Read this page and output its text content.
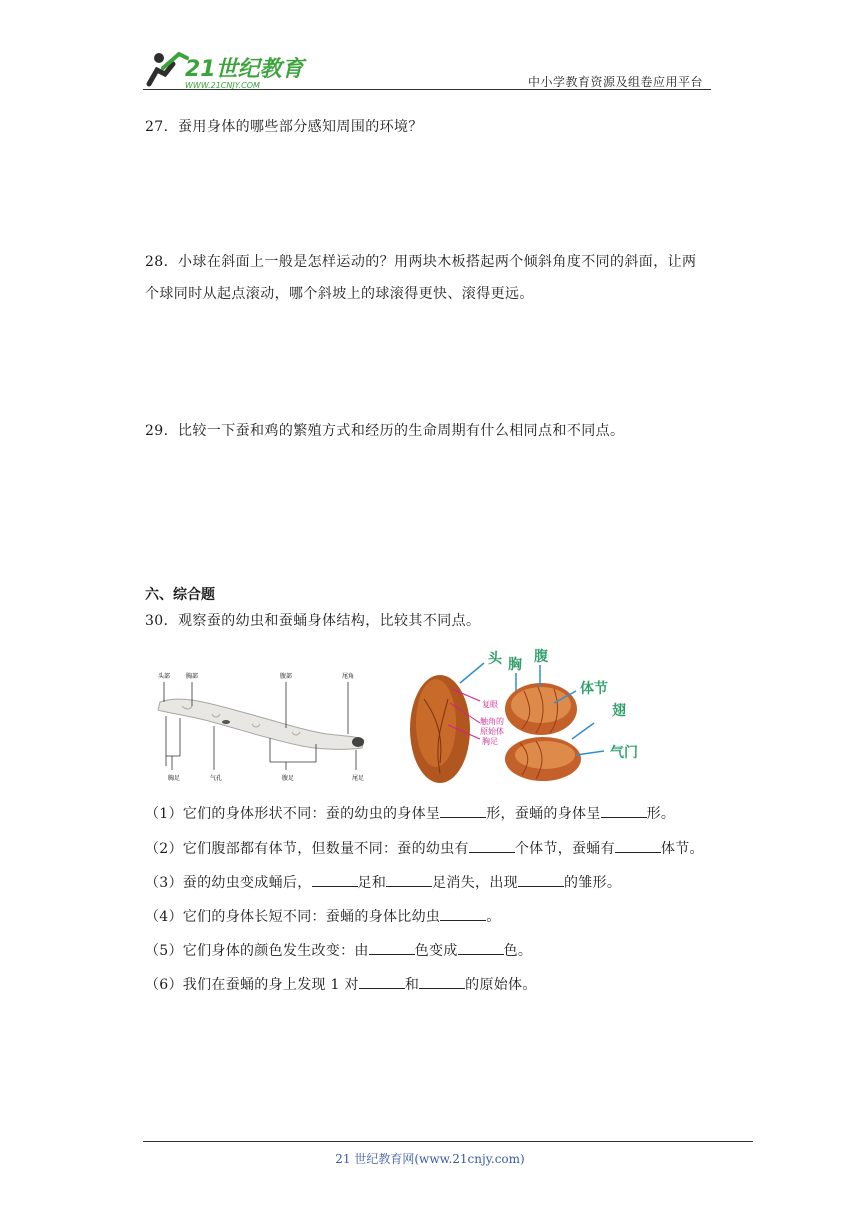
21世纪教育
WWW.21CNJY.COM	中小学教育资源及组卷应用平台
27．蚕用身体的哪些部分感知周围的环境？
28．小球在斜面上一般是怎样运动的？用两块木板搭起两个倾斜角度不同的斜面，让两
个球同时从起点滚动，哪个斜坡上的球滚得更快、滚得更远。
29．比较一下蚕和鸡的繁殖方式和经历的生命周期有什么相同点和不同点。
六、综合题
30．观察蚕的幼虫和蚕蛹身体结构，比较其不同点。
头部	胸部	腹部	尾角
胸足	气孔	腹足	尾足
复眼
触角的
原始体
胸足
头 胸 腹
体节
翅
气门
（1）它们的身体形状不同：蚕的幼虫的身体呈	形，蚕蛹的身体呈	形。
（2）它们腹部都有体节，但数量不同：蚕的幼虫有	个体节，蚕蛹有	体节。
（3）蚕的幼虫变成蛹后，	足和	足消失，出现	的雏形。
（4）它们的身体长短不同：蚕蛹的身体比幼虫	。
（5）它们身体的颜色发生改变：由	色变成	色。
（6）我们在蚕蛹的身上发现 1 对	和	的原始体。
21 世纪教育网(www.21cnjy.com)
